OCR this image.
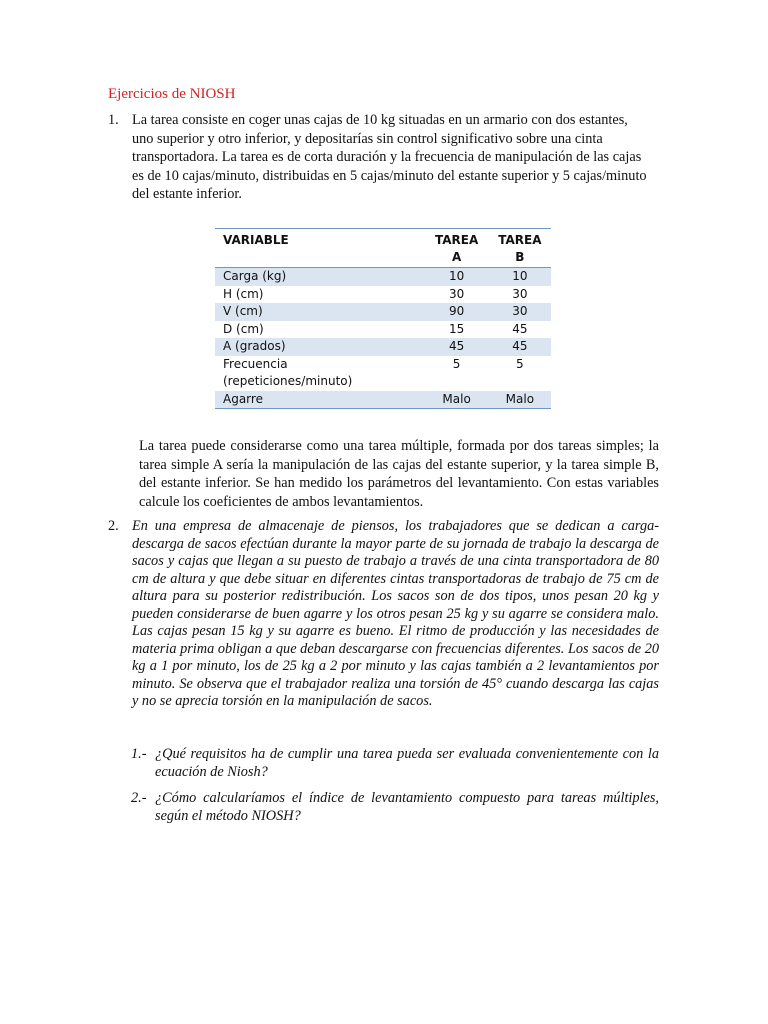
Ejercicios de NIOSH
1. La tarea consiste en coger unas cajas de 10 kg situadas en un armario con dos estantes, uno superior y otro inferior, y depositarías sin control significativo sobre una cinta transportadora. La tarea es de corta duración y la frecuencia de manipulación de las cajas es de 10 cajas/minuto, distribuidas en 5 cajas/minuto del estante superior y 5 cajas/minuto del estante inferior.
VARIABLE	TAREA A	TAREA B
Carga (kg)	10	10
H (cm)	30	30
V (cm)	90	30
D (cm)	15	45
A (grados)	45	45
Frecuencia (repeticiones/minuto)	5	5
Agarre	Malo	Malo
La tarea puede considerarse como una tarea múltiple, formada por dos tareas simples; la tarea simple A sería la manipulación de las cajas del estante superior, y la tarea simple B, del estante inferior. Se han medido los parámetros del levantamiento. Con estas variables calcule los coeficientes de ambos levantamientos.
2. En una empresa de almacenaje de piensos, los trabajadores que se dedican a carga-descarga de sacos efectúan durante la mayor parte de su jornada de trabajo la descarga de sacos y cajas que llegan a su puesto de trabajo a través de una cinta transportadora de 80 cm de altura y que debe situar en diferentes cintas transportadoras de trabajo de 75 cm de altura para su posterior redistribución. Los sacos son de dos tipos, unos pesan 20 kg y pueden considerarse de buen agarre y los otros pesan 25 kg y su agarre se considera malo. Las cajas pesan 15 kg y su agarre es bueno. El ritmo de producción y las necesidades de materia prima obligan a que deban descargarse con frecuencias diferentes. Los sacos de 20 kg a 1 por minuto, los de 25 kg a 2 por minuto y las cajas también a 2 levantamientos por minuto. Se observa que el trabajador realiza una torsión de 45° cuando descarga las cajas y no se aprecia torsión en la manipulación de sacos.
1.- ¿Qué requisitos ha de cumplir una tarea pueda ser evaluada convenientemente con la ecuación de Niosh?
2.- ¿Cómo calcularíamos el índice de levantamiento compuesto para tareas múltiples, según el método NIOSH?
